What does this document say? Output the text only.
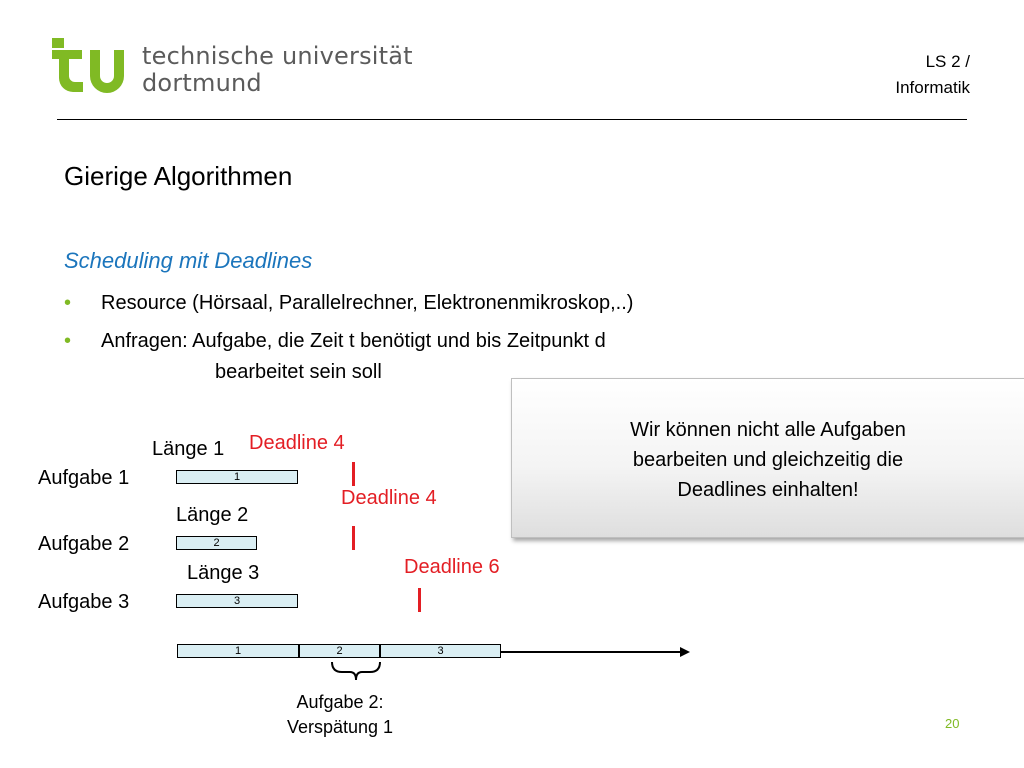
technische universität
dortmund
LS 2 /
Informatik
Gierige Algorithmen
Scheduling mit Deadlines
• Resource (Hörsaal, Parallelrechner, Elektronenmikroskop,..)
• Anfragen: Aufgabe, die Zeit t benötigt und bis Zeitpunkt d
bearbeitet sein soll
Wir können nicht alle Aufgaben
bearbeiten und gleichzeitig die
Deadlines einhalten!
Länge 1 Deadline 4
Aufgabe 1	1
Deadline 4
Länge 2
Aufgabe 2	2
Deadline 6
Länge 3
Aufgabe 3	3
1	2	3
Aufgabe 2:
Verspätung 1	20
